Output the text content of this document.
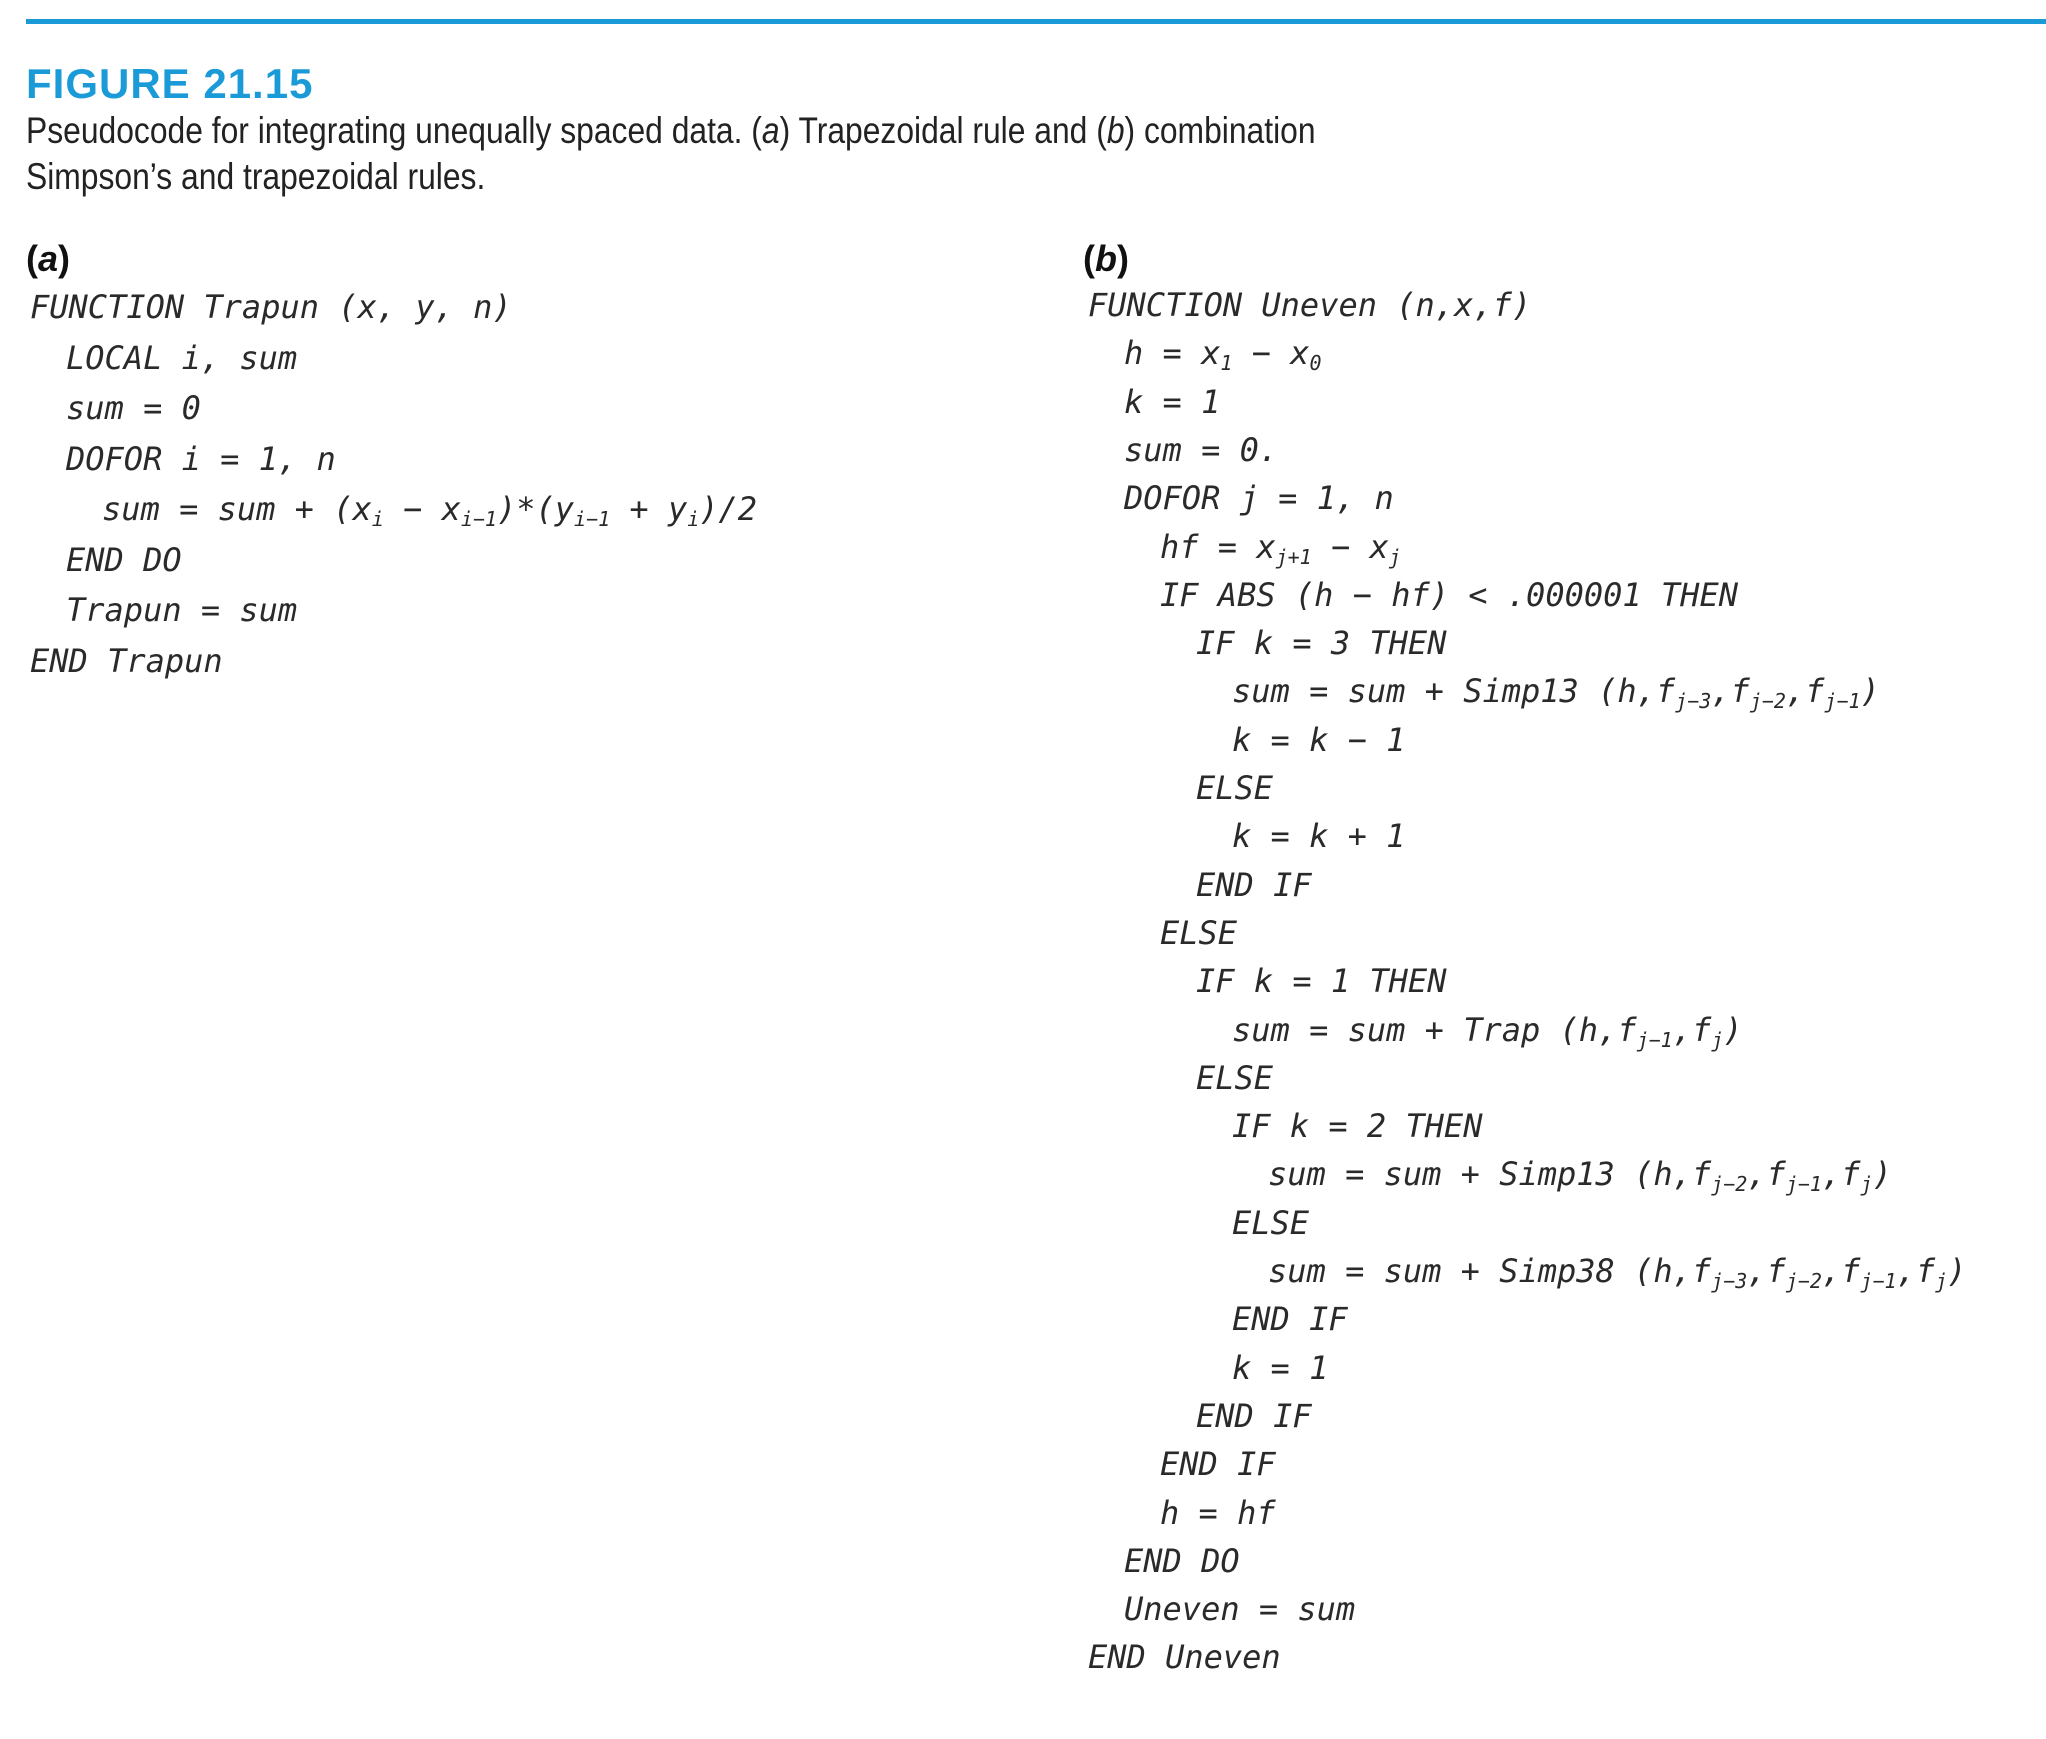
FIGURE 21.15

Pseudocode for integrating unequally spaced data. (a) Trapezoidal rule and (b) combination Simpson’s and trapezoidal rules.

(a)	(b)
FUNCTION Trapun (x, y, n)
LOCAL i, sum
sum = 0
DOFOR i = 1, n
sum = sum + $(x_i - x_{i-1})*(y_{i-1} + y_i)/2$
END DO
Trapun = sum
END Trapun
FUNCTION Uneven (n,x,f)
$h = x_1 - x_0$
k = 1
sum = 0.
DOFOR j = 1, n
hf = $x_{j+1} - x_j$
IF ABS (h − hf) < .000001 THEN
IF k = 3 THEN
sum = sum + Simp13 $(h,f_{j-3},f_{j-2},f_{j-1})$
k = k − 1
ELSE
k = k + 1
END IF
ELSE
IF k = 1 THEN
sum = sum + Trap $(h,f_{j-1},f_j)$
ELSE
IF k = 2 THEN
sum = sum + Simp13 $(h,f_{j-2},f_{j-1},f_j)$
ELSE
sum = sum + Simp38 $(h,f_{j-3},f_{j-2},f_{j-1},f_j)$
END IF
k = 1
END IF
END IF
h = hf
END DO
Uneven = sum
END Uneven
